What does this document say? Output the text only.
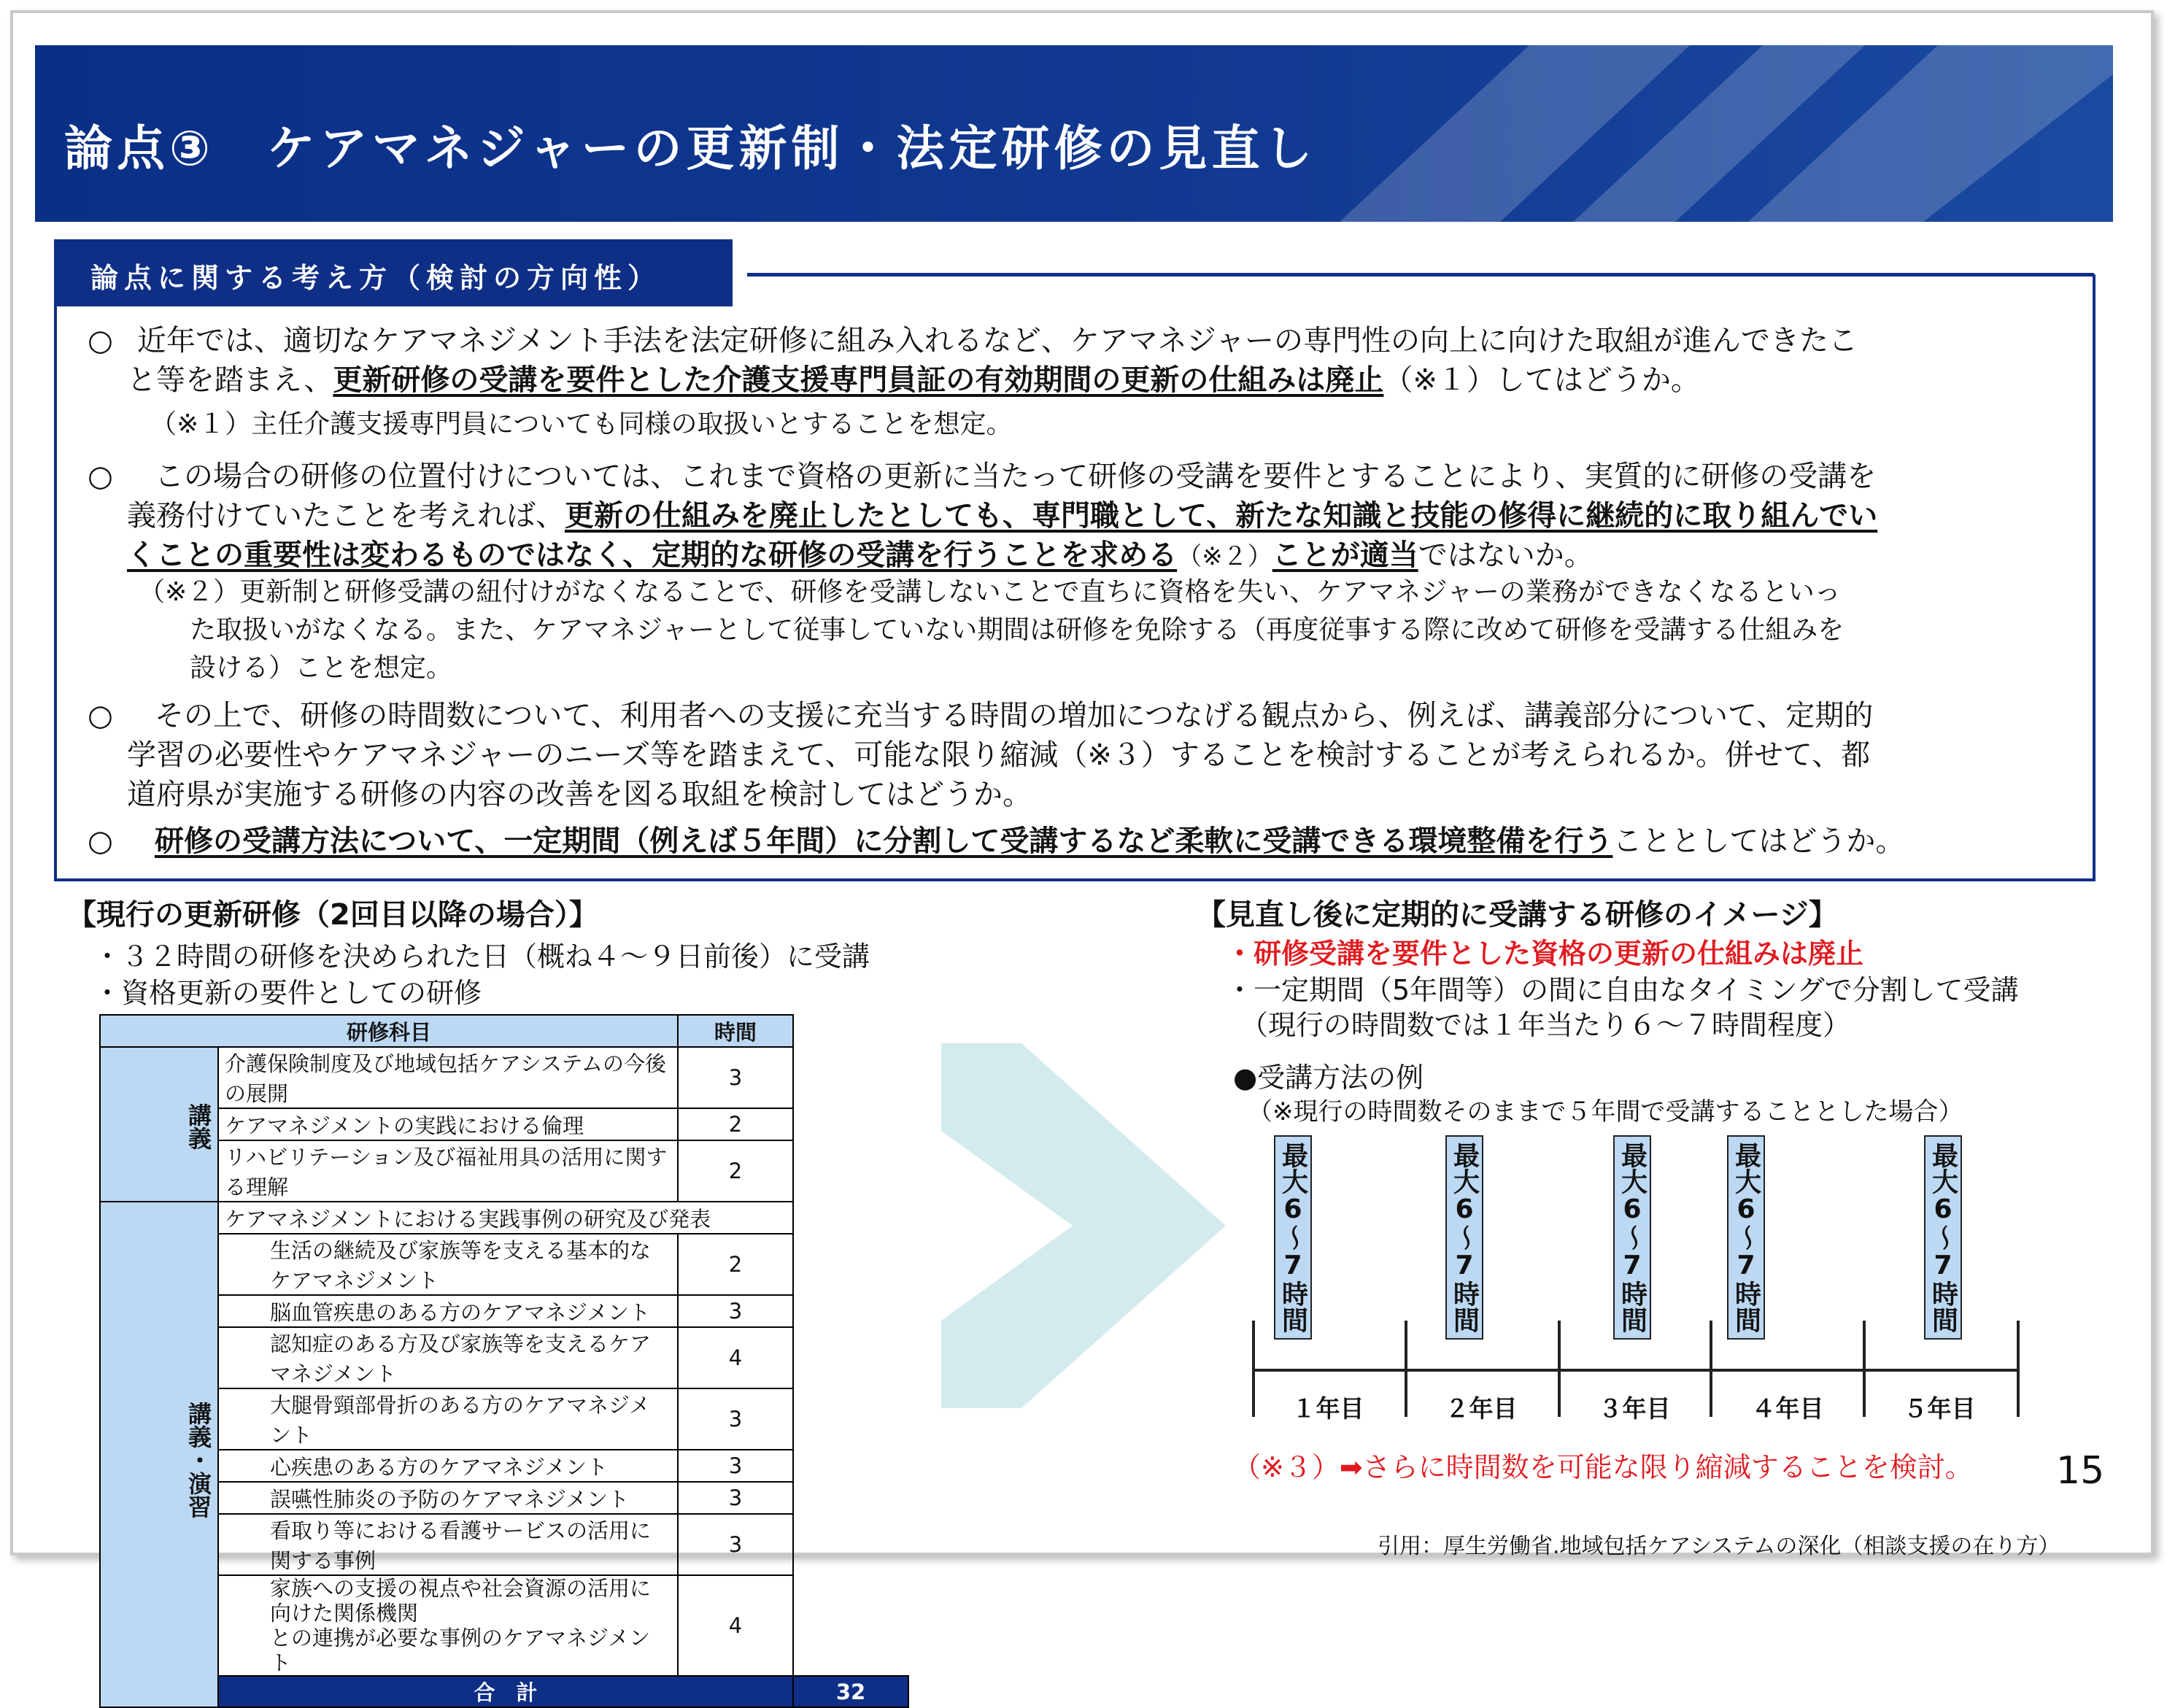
論点③　ケアマネジャーの更新制・法定研修の見直し
論点に関する考え方（検討の方向性）
○ 近年では、適切なケアマネジメント手法を法定研修に組み入れるなど、ケアマネジャーの専門性の向上に向けた取組が進んできたこ
と等を踏まえ、更新研修の受講を要件とした介護支援専門員証の有効期間の更新の仕組みは廃止（※１）してはどうか。
（※１）主任介護支援専門員についても同様の取扱いとすることを想定。
○ この場合の研修の位置付けについては、これまで資格の更新に当たって研修の受講を要件とすることにより、実質的に研修の受講を
義務付けていたことを考えれば、更新の仕組みを廃止したとしても、専門職として、新たな知識と技能の修得に継続的に取り組んでい
くことの重要性は変わるものではなく、定期的な研修の受講を行うことを求める（※２）ことが適当ではないか。
（※２）更新制と研修受講の紐付けがなくなることで、研修を受講しないことで直ちに資格を失い、ケアマネジャーの業務ができなくなるといっ
た取扱いがなくなる。また、ケアマネジャーとして従事していない期間は研修を免除する（再度従事する際に改めて研修を受講する仕組みを
設ける）ことを想定。
○ その上で、研修の時間数について、利用者への支援に充当する時間の増加につなげる観点から、例えば、講義部分について、定期的
学習の必要性やケアマネジャーのニーズ等を踏まえて、可能な限り縮減（※３）することを検討することが考えられるか。併せて、都
道府県が実施する研修の内容の改善を図る取組を検討してはどうか。
○ 研修の受講方法について、一定期間（例えば５年間）に分割して受講するなど柔軟に受講できる環境整備を行うこととしてはどうか。
【現行の更新研修（2回目以降の場合）】
・３２時間の研修を決められた日（概ね４～９日前後）に受講
・資格更新の要件としての研修
研修科目		時間	
講義	介護保険制度及び地域包括ケアシステムの今後の展開	3	
	ケアマネジメントの実践における倫理	2	
	リハビリテーション及び福祉用具の活用に関する理解	2	
講義・演習	ケアマネジメントにおける実践事例の研究及び発表		
	生活の継続及び家族等を支える基本的なケアマネジメント	2	
	脳血管疾患のある方のケアマネジメント	3	
	認知症のある方及び家族等を支えるケアマネジメント	4	
	大腿骨頸部骨折のある方のケアマネジメント	3	
	心疾患のある方のケアマネジメント	3	
	誤嚥性肺炎の予防のケアマネジメント	3	
	看取り等における看護サービスの活用に関する事例	3	
	家族への支援の視点や社会資源の活用に向けた関係機関
との連携が必要な事例のケアマネジメント	4	
	合　計		32
【見直し後に定期的に受講する研修のイメージ】
・研修受講を要件とした資格の更新の仕組みは廃止
・一定期間（5年間等）の間に自由なタイミングで分割して受講
（現行の時間数では１年当たり６～７時間程度）
●受講方法の例
（※現行の時間数そのままで５年間で受講することとした場合）
最大6〜7時間	最大6〜7時間	最大6〜7時間	最大6〜7時間	最大6〜7時間
１年目	２年目	３年目	４年目	５年目
（※３）➡さらに時間数を可能な限り縮減することを検討。 15
引用：厚生労働省.地域包括ケアシステムの深化（相談支援の在り方）
